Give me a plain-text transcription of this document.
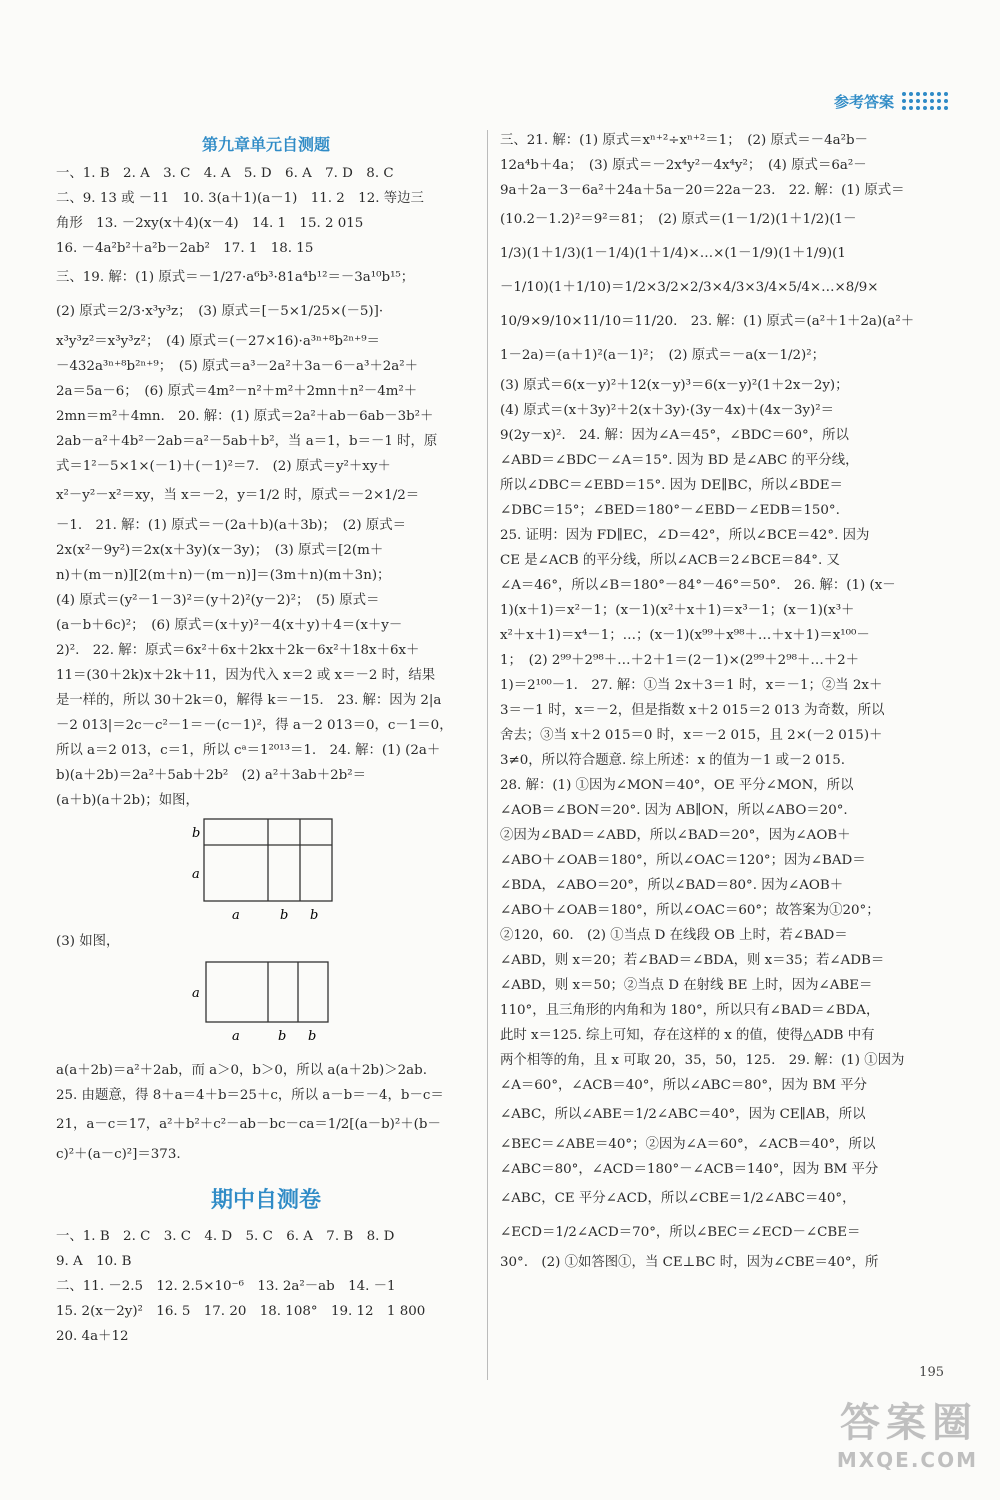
参考答案
第九章单元自测题
一、1. B　2. A　3. C　4. A　5. D　6. A　7. D　8. C
二、9. 13 或 －11　10. 3(a＋1)(a－1)　11. 2　12. 等边三
角形　13. －2xy(x＋4)(x－4)　14. 1　15. 2 015
16. －4a²b²＋a²b－2ab²　17. 1　18. 15
三、19. 解：(1) 原式＝－1/27·a⁶b³·81a⁴b¹²＝－3a¹⁰b¹⁵；
(2) 原式＝2/3·x³y³z；　(3) 原式＝[－5×1/25×(－5)]·
x³y³z²＝x³y³z²；　(4) 原式＝(－27×16)·a³ⁿ⁺⁸b²ⁿ⁺⁹＝
－432a³ⁿ⁺⁸b²ⁿ⁺⁹；　(5) 原式＝a³－2a²＋3a－6－a³＋2a²＋
2a＝5a－6；　(6) 原式＝4m²－n²＋m²＋2mn＋n²－4m²＋
2mn＝m²＋4mn.　20. 解：(1) 原式＝2a²＋ab－6ab－3b²＋
2ab－a²＋4b²－2ab＝a²－5ab＋b²，当 a＝1，b＝－1 时，原
式＝1²－5×1×(－1)＋(－1)²＝7.　(2) 原式＝y²＋xy＋
x²－y²－x²＝xy，当 x＝－2，y＝1/2 时，原式＝－2×1/2＝
－1.　21. 解：(1) 原式＝－(2a＋b)(a＋3b)；　(2) 原式＝
2x(x²－9y²)＝2x(x＋3y)(x－3y)；　(3) 原式＝[2(m＋
n)＋(m－n)][2(m＋n)－(m－n)]＝(3m＋n)(m＋3n)；
(4) 原式＝(y²－1－3)²＝(y＋2)²(y－2)²；　(5) 原式＝
(a－b＋6c)²；　(6) 原式＝(x＋y)²－4(x＋y)＋4＝(x＋y－
2)².　22. 解：原式＝6x²＋6x＋2kx＋2k－6x²＋18x＋6x＋
11＝(30＋2k)x＋2k＋11，因为代入 x＝2 或 x＝－2 时，结果
是一样的，所以 30＋2k＝0，解得 k＝－15.　23. 解：因为 2|a
－2 013|＝2c－c²－1＝－(c－1)²，得 a－2 013＝0，c－1＝0，
所以 a＝2 013，c＝1，所以 cᵃ＝1²⁰¹³＝1.　24. 解：(1) (2a＋
b)(a＋2b)＝2a²＋5ab＋2b²　(2) a²＋3ab＋2b²＝
(a＋b)(a＋2b)；如图，
b
a
a	b b
(3) 如图，
a
a	b b
a(a＋2b)＝a²＋2ab，而 a＞0，b＞0，所以 a(a＋2b)＞2ab.
25. 由题意，得 8＋a＝4＋b＝25＋c，所以 a－b＝－4，b－c＝
21，a－c＝17，a²＋b²＋c²－ab－bc－ca＝1/2[(a－b)²＋(b－
c)²＋(a－c)²]＝373.
期中自测卷
一、1. B　2. C　3. C　4. D　5. C　6. A　7. B　8. D
9. A　10. B
二、11. －2.5　12. 2.5×10⁻⁶　13. 2a²－ab　14. －1
15. 2(x－2y)²　16. 5　17. 20　18. 108°　19. 12　1 800
20. 4a＋12
三、21. 解：(1) 原式＝xⁿ⁺²÷xⁿ⁺²＝1；　(2) 原式＝－4a²b－
12a⁴b＋4a；　(3) 原式＝－2x⁴y²－4x⁴y²；　(4) 原式＝6a²－
9a＋2a－3－6a²＋24a＋5a－20＝22a－23.　22. 解：(1) 原式＝
(10.2－1.2)²＝9²＝81；　(2) 原式＝(1－1/2)(1＋1/2)(1－
1/3)(1＋1/3)(1－1/4)(1＋1/4)×…×(1－1/9)(1＋1/9)(1
－1/10)(1＋1/10)＝1/2×3/2×2/3×4/3×3/4×5/4×…×8/9×
10/9×9/10×11/10＝11/20.　23. 解：(1) 原式＝(a²＋1＋2a)(a²＋
1－2a)＝(a＋1)²(a－1)²；　(2) 原式＝－a(x－1/2)²；
(3) 原式＝6(x－y)²＋12(x－y)³＝6(x－y)²(1＋2x－2y)；
(4) 原式＝(x＋3y)²＋2(x＋3y)·(3y－4x)＋(4x－3y)²＝
9(2y－x)².　24. 解：因为∠A＝45°，∠BDC＝60°，所以
∠ABD＝∠BDC－∠A＝15°. 因为 BD 是∠ABC 的平分线，
所以∠DBC＝∠EBD＝15°. 因为 DE∥BC，所以∠BDE＝
∠DBC＝15°；∠BED＝180°－∠EBD－∠EDB＝150°.
25. 证明：因为 FD∥EC，∠D＝42°，所以∠BCE＝42°. 因为
CE 是∠ACB 的平分线，所以∠ACB＝2∠BCE＝84°. 又
∠A＝46°，所以∠B＝180°－84°－46°＝50°.　26. 解：(1) (x－
1)(x＋1)＝x²－1；(x－1)(x²＋x＋1)＝x³－1；(x－1)(x³＋
x²＋x＋1)＝x⁴－1；…；(x－1)(x⁹⁹＋x⁹⁸＋…＋x＋1)＝x¹⁰⁰－
1；　(2) 2⁹⁹＋2⁹⁸＋…＋2＋1＝(2－1)×(2⁹⁹＋2⁹⁸＋…＋2＋
1)＝2¹⁰⁰－1.　27. 解：①当 2x＋3＝1 时，x＝－1；②当 2x＋
3＝－1 时，x＝－2，但是指数 x＋2 015＝2 013 为奇数，所以
舍去；③当 x＋2 015＝0 时，x＝－2 015，且 2×(－2 015)＋
3≠0，所以符合题意. 综上所述：x 的值为－1 或－2 015.
28. 解：(1) ①因为∠MON＝40°，OE 平分∠MON，所以
∠AOB＝∠BON＝20°. 因为 AB∥ON，所以∠ABO＝20°.
②因为∠BAD＝∠ABD，所以∠BAD＝20°，因为∠AOB＋
∠ABO＋∠OAB＝180°，所以∠OAC＝120°；因为∠BAD＝
∠BDA，∠ABO＝20°，所以∠BAD＝80°. 因为∠AOB＋
∠ABO＋∠OAB＝180°，所以∠OAC＝60°；故答案为①20°；
②120，60.　(2) ①当点 D 在线段 OB 上时，若∠BAD＝
∠ABD，则 x＝20；若∠BAD＝∠BDA，则 x＝35；若∠ADB＝
∠ABD，则 x＝50；②当点 D 在射线 BE 上时，因为∠ABE＝
110°，且三角形的内角和为 180°，所以只有∠BAD＝∠BDA，
此时 x＝125. 综上可知，存在这样的 x 的值，使得△ADB 中有
两个相等的角，且 x 可取 20，35，50，125.　29. 解：(1) ①因为
∠A＝60°，∠ACB＝40°，所以∠ABC＝80°，因为 BM 平分
∠ABC，所以∠ABE＝1/2∠ABC＝40°，因为 CE∥AB，所以
∠BEC＝∠ABE＝40°；②因为∠A＝60°，∠ACB＝40°，所以
∠ABC＝80°，∠ACD＝180°－∠ACB＝140°，因为 BM 平分
∠ABC，CE 平分∠ACD，所以∠CBE＝1/2∠ABC＝40°，
∠ECD＝1/2∠ACD＝70°，所以∠BEC＝∠ECD－∠CBE＝
30°.　(2) ①如答图①，当 CE⊥BC 时，因为∠CBE＝40°，所
195
答案圈
MXQE.COM
